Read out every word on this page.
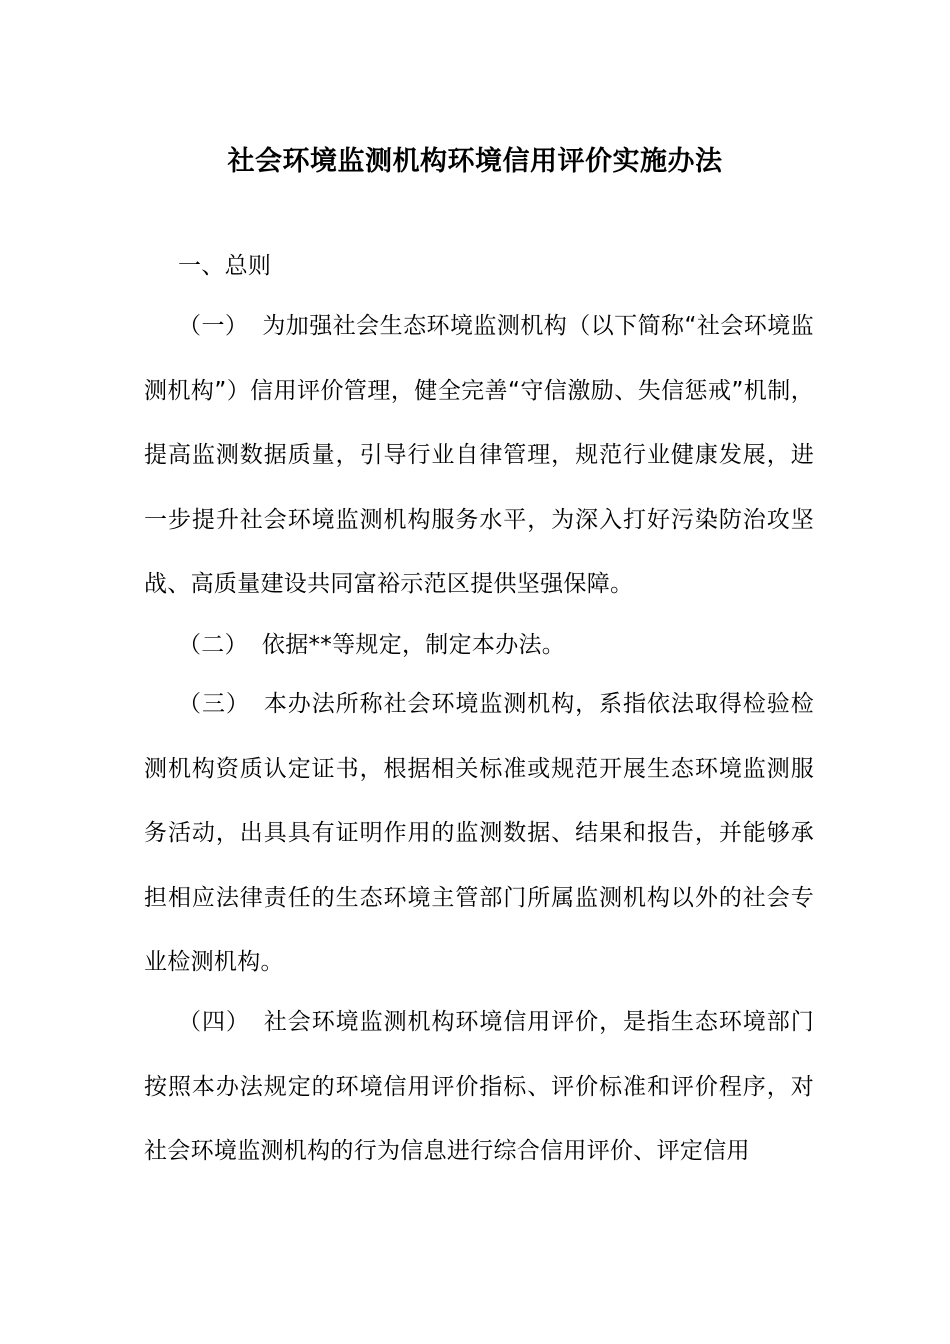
社会环境监测机构环境信用评价实施办法

一、总则

（一） 为加强社会生态环境监测机构（以下简称“社会环境监测机构”）信用评价管理，健全完善“守信激励、失信惩戒”机制，提高监测数据质量，引导行业自律管理，规范行业健康发展，进一步提升社会环境监测机构服务水平，为深入打好污染防治攻坚战、高质量建设共同富裕示范区提供坚强保障。

（二） 依据**等规定，制定本办法。

（三） 本办法所称社会环境监测机构，系指依法取得检验检测机构资质认定证书，根据相关标准或规范开展生态环境监测服务活动，出具具有证明作用的监测数据、结果和报告，并能够承担相应法律责任的生态环境主管部门所属监测机构以外的社会专业检测机构。

（四） 社会环境监测机构环境信用评价，是指生态环境部门按照本办法规定的环境信用评价指标、评价标准和评价程序，对社会环境监测机构的行为信息进行综合信用评价、评定信用
